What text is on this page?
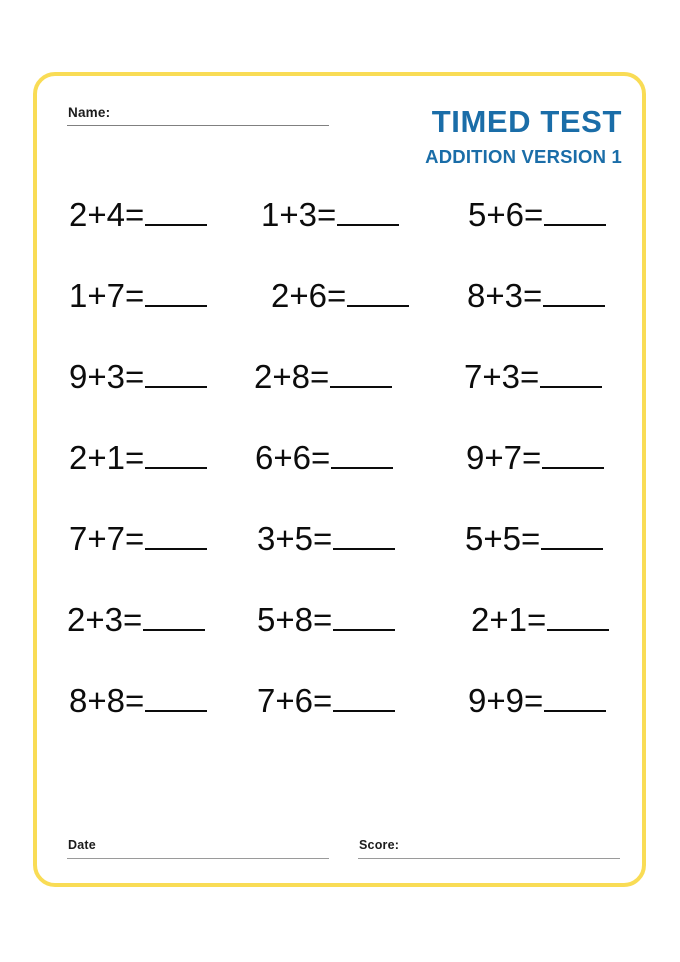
Name:	TIMED TEST
ADDITION VERSION 1
2+4=	1+3=	5+6=
1+7=	2+6=	8+3=
9+3=	2+8=	7+3=
2+1=	6+6=	9+7=
7+7=	3+5=	5+5=
2+3=	5+8=	2+1=
8+8=	7+6=	9+9=
Date	Score:
